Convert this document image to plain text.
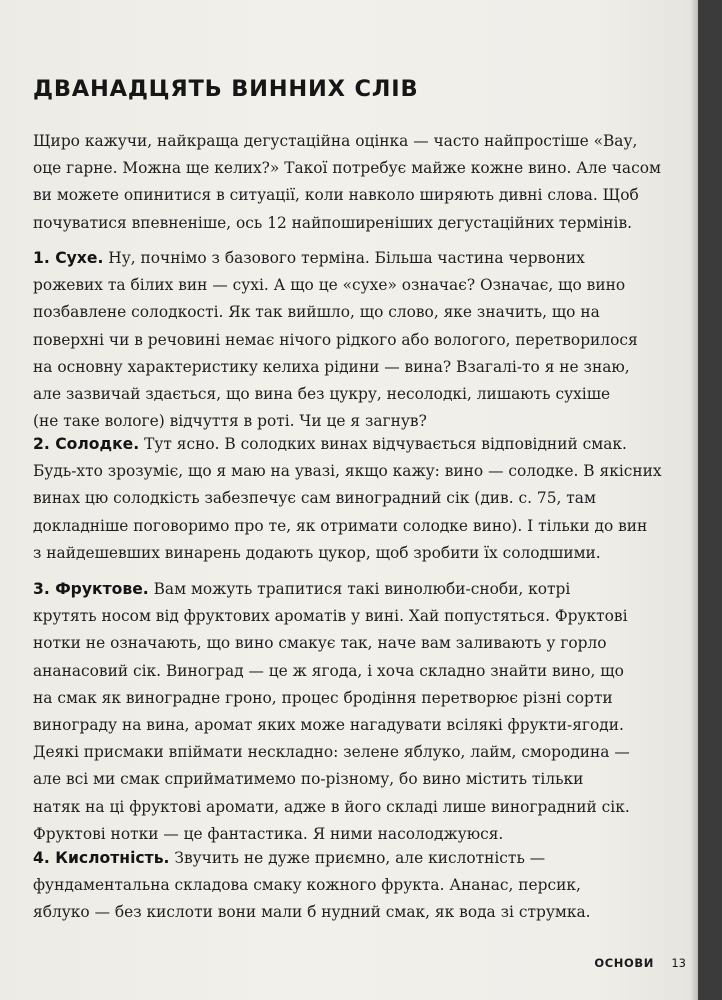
ДВАНАДЦЯТЬ ВИННИХ СЛІВ

Щиро кажучи, найкраща дегустаційна оцінка — часто найпростіше «Вау,
оце гарне. Можна ще келих?» Такої потребує майже кожне вино. Але часом
ви можете опинитися в ситуації, коли навколо ширяють дивні слова. Щоб
почуватися впевненіше, ось 12 найпоширеніших дегустаційних термінів.

1. Сухе. Ну, почнімо з базового терміна. Більша частина червоних
рожевих та білих вин — сухі. А що це «сухе» означає? Означає, що вино
позбавлене солодкості. Як так вийшло, що слово, яке значить, що на
поверхні чи в речовині немає нічого рідкого або вологого, перетворилося
на основну характеристику келиха рідини — вина? Взагалі-то я не знаю,
але зазвичай здається, що вина без цукру, несолодкі, лишають сухіше
(не таке вологе) відчуття в роті. Чи це я загнув?

2. Солодке. Тут ясно. В солодких винах відчувається відповідний смак.
Будь-хто зрозуміє, що я маю на увазі, якщо кажу: вино — солодке. В якісних
винах цю солодкість забезпечує сам виноградний сік (див. с. 75, там
докладніше поговоримо про те, як отримати солодке вино). І тільки до вин
з найдешевших винарень додають цукор, щоб зробити їх солодшими.

3. Фруктове. Вам можуть трапитися такі винолюби-сноби, котрі
крутять носом від фруктових ароматів у вині. Хай попустяться. Фруктові
нотки не означають, що вино смакує так, наче вам заливають у горло
ананасовий сік. Виноград — це ж ягода, і хоча складно знайти вино, що
на смак як виноградне гроно, процес бродіння перетворює різні сорти
винограду на вина, аромат яких може нагадувати всілякі фрукти-ягоди.
Деякі присмаки впіймати нескладно: зелене яблуко, лайм, смородина —
але всі ми смак сприйматимемо по-різному, бо вино містить тільки
натяк на ці фруктові аромати, адже в його складі лише виноградний сік.
Фруктові нотки — це фантастика. Я ними насолоджуюся.

4. Кислотність. Звучить не дуже приємно, але кислотність —
фундаментальна складова смаку кожного фрукта. Ананас, персик,
яблуко — без кислоти вони мали б нудний смак, як вода зі струмка.

ОСНОВИ	13
